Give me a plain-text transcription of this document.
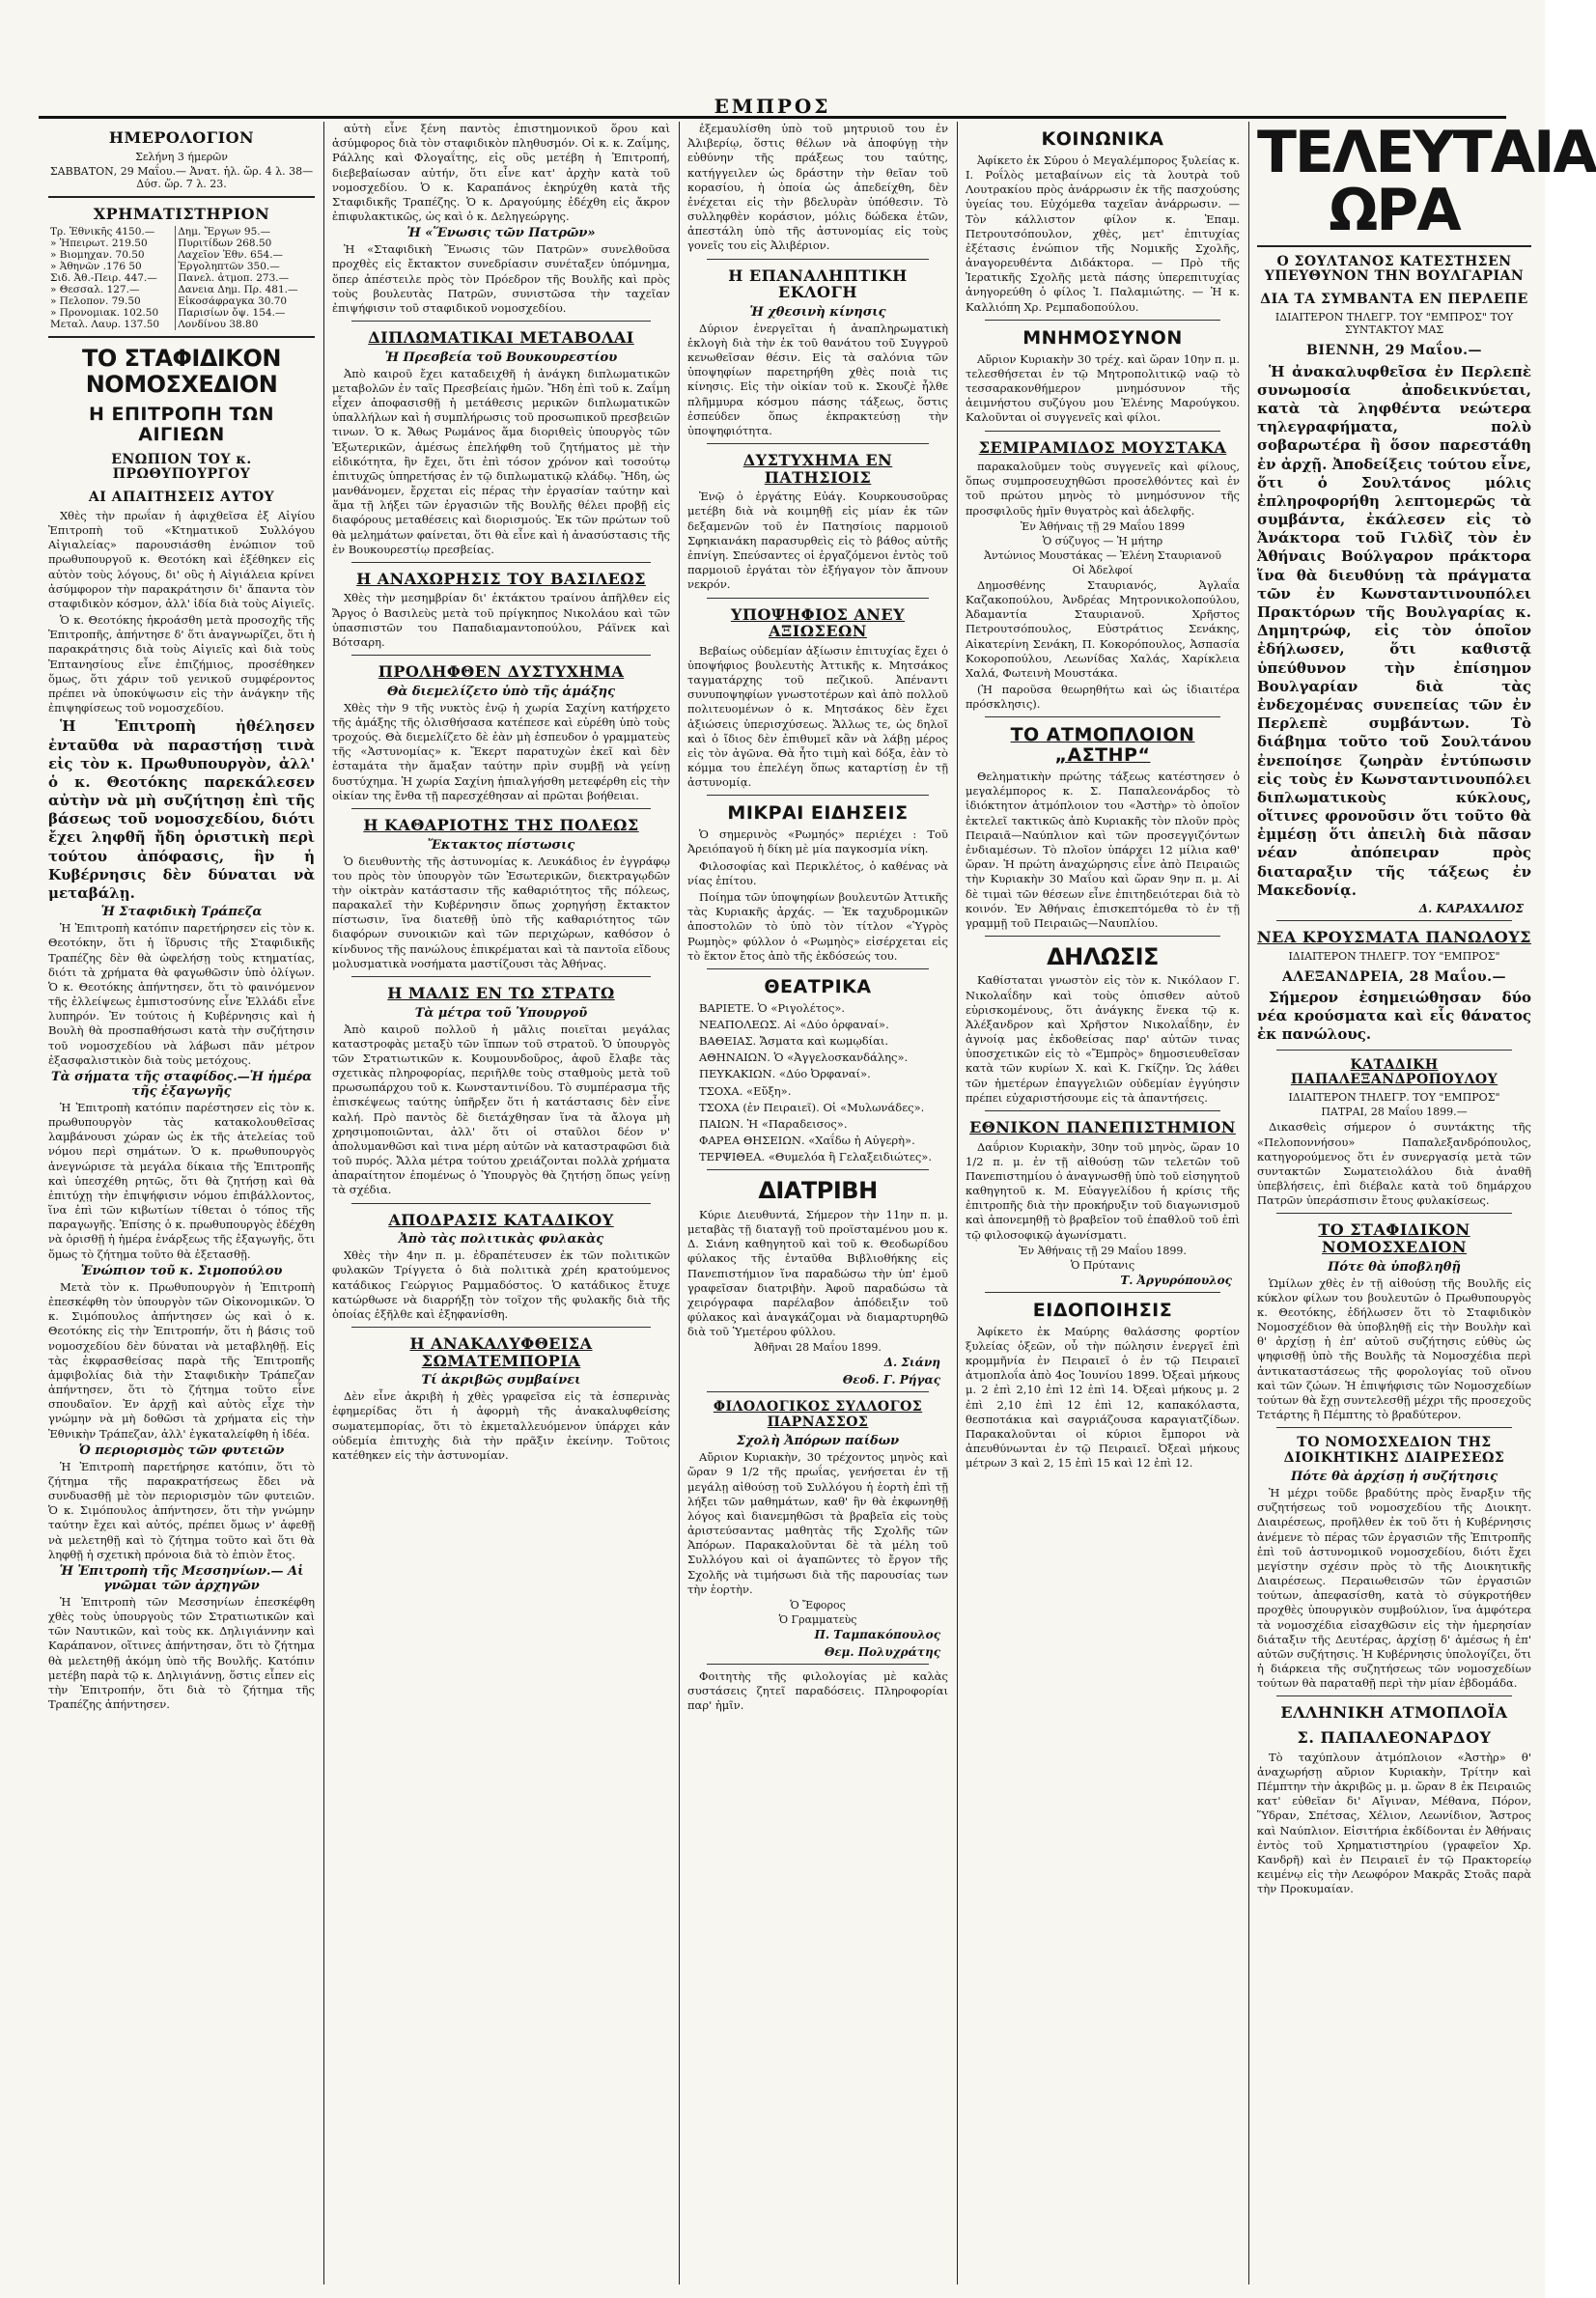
ΕΜΠΡΟΣ
ΗΜΕΡΟΛΟΓΙΟΝ
Σελήνη 3 ήμερῶν
ΣΑΒΒΑΤΟΝ, 29 Μαΐου.— Ἀνατ. ἡλ. ὥρ. 4 λ. 38—Δύσ. ὥρ. 7 λ. 23.
ΧΡΗΜΑΤΙΣΤΗΡΙΟΝ
Τρ. Ἐθνικῆς 4150.—	Δημ. Ἔργων 95.—
» Ἠπειρωτ. 219.50	Πυριτίδων 268.50
» Βιομηχαν. 70.50	Λαχεῖον Ἐθν. 654.—
» Ἀθηνῶν .176 50	Ἐργοληπτῶν 350.—
Σιδ. Ἀθ.-Πειρ. 447.—	Πανελ. ἀτμοπ. 273.—
» Θεσσαλ. 127.—	Δανεια Δημ. Πρ. 481.—
» Πελοπον. 79.50	Εἰκοσάφραγκα 30.70
» Προνομιακ. 102.50	Παρισίων ὄψ. 154.—
Μεταλ. Λαυρ. 137.50	Λονδίνου 38.80
ΤΟ ΣΤΑΦΙΔΙΚΟΝ ΝΟΜΟΣΧΕΔΙΟΝ
Η ΕΠΙΤΡΟΠΗ ΤΩΝ ΑΙΓΙΕΩΝ
ΕΝΩΠΙΟΝ ΤΟΥ κ. ΠΡΩΘΥΠΟΥΡΓΟΥ
ΑΙ ΑΠΑΙΤΗΣΕΙΣ ΑΥΤΟΥ

Χθὲς τὴν πρωΐαν ἡ ἀφιχθεῖσα ἐξ Αἰγίου Ἐπιτροπὴ τοῦ «Κτηματικοῦ Συλλόγου Αἰγιαλείας» παρουσιάσθη ἐνώπιον τοῦ πρωθυπουργοῦ κ. Θεοτόκη καὶ ἐξέθηκεν εἰς αὐτὸν τοὺς λόγους, δι' οὓς ἡ Αἰγιάλεια κρίνει ἀσύμφορον τὴν παρακράτησιν δι' ἅπαντα τὸν σταφιδικὸν κόσμον, ἀλλ' ἰδία διὰ τοὺς Αἰγιεῖς.

Ὁ κ. Θεοτόκης ἠκροάσθη μετὰ προσοχῆς τῆς Ἐπιτροπῆς, ἀπήντησε δ' ὅτι ἀναγνωρίζει, ὅτι ἡ παρακράτησις διὰ τοὺς Αἰγιεῖς καὶ διὰ τοὺς Ἐπτανησίους εἶνε ἐπιζήμιος, προσέθηκεν ὅμως, ὅτι χάριν τοῦ γενικοῦ συμφέροντος πρέπει νὰ ὑποκύψωσιν εἰς τὴν ἀνάγκην τῆς ἐπιψηφίσεως τοῦ νομοσχεδίου.

Ἡ Ἐπιτροπὴ ἠθέλησεν ἐνταῦθα νὰ παραστήσῃ τινὰ εἰς τὸν κ. Πρωθυπουργὸν, ἀλλ' ὁ κ. Θεοτόκης παρεκάλεσεν αὐτὴν νὰ μὴ συζήτησῃ ἐπὶ τῆς βάσεως τοῦ νομοσχεδίου, διότι ἔχει ληφθῆ ἤδη ὁριστικὴ περὶ τούτου ἀπόφασις, ἣν ἡ Κυβέρνησις δὲν δύναται νὰ μεταβάλῃ.

Ἡ Σταφιδικὴ Τράπεζα

Ἡ Ἐπιτροπὴ κατόπιν παρετήρησεν εἰς τὸν κ. Θεοτόκην, ὅτι ἡ ἵδρυσις τῆς Σταφιδικῆς Τραπέζης δὲν θὰ ὠφελήσῃ τοὺς κτηματίας, διότι τὰ χρήματα θὰ φαγωθῶσιν ὑπὸ ὀλίγων. Ὁ κ. Θεοτόκης ἀπήντησεν, ὅτι τὸ φαινόμενον τῆς ἐλλείψεως ἐμπιστοσύνης εἶνε Ἑλλάδι εἶνε λυπηρόν. Ἐν τούτοις ἡ Κυβέρνησις καὶ ἡ Βουλὴ θὰ προσπαθήσωσι κατὰ τὴν συζήτησιν τοῦ νομοσχεδίου νὰ λάβωσι πᾶν μέτρον ἐξασφαλιστικὸν διὰ τοὺς μετόχους.

Τὰ σήματα τῆς σταφίδος.—Ἡ ἡμέρα τῆς ἐξαγωγῆς

Ἡ Ἐπιτροπὴ κατόπιν παρέστησεν εἰς τὸν κ. πρωθυπουργὸν τὰς κατακολουθεῖσας λαμβάνουσι χώραν ὡς ἐκ τῆς ἀτελείας τοῦ νόμου περὶ σημάτων. Ὁ κ. πρωθυπουργὸς ἀνεγνώρισε τὰ μεγάλα δίκαια τῆς Ἐπιτροπῆς καὶ ὑπεσχέθη ρητῶς, ὅτι θὰ ζητήσῃ καὶ θὰ ἐπιτύχῃ τὴν ἐπιψήφισιν νόμου ἐπιβάλλοντος, ἵνα ἐπὶ τῶν κιβωτίων τίθεται ὁ τόπος τῆς παραγωγῆς. Ἐπίσης ὁ κ. πρωθυπουργὸς ἐδέχθη νὰ ὁρισθῇ ἡ ἡμέρα ἐνάρξεως τῆς ἐξαγωγῆς, ὅτι ὅμως τὸ ζήτημα τοῦτο θὰ ἐξετασθῇ.

Ἐνώπιον τοῦ κ. Σιμοπούλου

Μετὰ τὸν κ. Πρωθυπουργὸν ἡ Ἐπιτροπὴ ἐπεσκέφθη τὸν ὑπουργὸν τῶν Οἰκονομικῶν. Ὁ κ. Σιμόπουλος ἀπήντησεν ὡς καὶ ὁ κ. Θεοτόκης εἰς τὴν Ἐπιτροπήν, ὅτι ἡ βάσις τοῦ νομοσχεδίου δὲν δύναται νὰ μεταβληθῇ. Εἰς τὰς ἐκφρασθείσας παρὰ τῆς Ἐπιτροπῆς ἀμφιβολίας διὰ τὴν Σταφιδικὴν Τράπεζαν ἀπήντησεν, ὅτι τὸ ζήτημα τοῦτο εἶνε σπουδαῖον. Ἐν ἀρχῇ καὶ αὐτὸς εἶχε τὴν γνώμην νὰ μὴ δοθῶσι τὰ χρήματα εἰς τὴν Ἐθνικὴν Τράπεζαν, ἀλλ' ἐγκαταλείφθη ἡ ἰδέα.

Ὁ περιορισμὸς τῶν φυτειῶν

Ἡ Ἐπιτροπὴ παρετήρησε κατόπιν, ὅτι τὸ ζήτημα τῆς παρακρατήσεως ἔδει νὰ συνδυασθῇ μὲ τὸν περιορισμὸν τῶν φυτειῶν. Ὁ κ. Σιμόπουλος ἀπήντησεν, ὅτι τὴν γνώμην ταύτην ἔχει καὶ αὐτός, πρέπει ὅμως ν' ἀφεθῇ νὰ μελετηθῇ καὶ τὸ ζήτημα τοῦτο καὶ ὅτι θὰ ληφθῇ ἡ σχετικὴ πρόνοια διὰ τὸ ἐπιὸν ἔτος.

Ἡ Ἐπιτροπὴ τῆς Μεσσηνίων.— Αἱ γνῶμαι τῶν ἀρχηγῶν

Ἡ Ἐπιτροπὴ τῶν Μεσσηνίων ἐπεσκέφθη χθὲς τοὺς ὑπουργοὺς τῶν Στρατιωτικῶν καὶ τῶν Ναυτικῶν, καὶ τοὺς κκ. Δηλιγιάννην καὶ Καράπανον, οἵτινες ἀπήντησαν, ὅτι τὸ ζήτημα θὰ μελετηθῇ ἀκόμη ὑπὸ τῆς Βουλῆς. Κατόπιν μετέβη παρὰ τῷ κ. Δηλιγιάννῃ, ὅστις εἶπεν εἰς τὴν Ἐπιτροπήν, ὅτι διὰ τὸ ζήτημα τῆς Τραπέζης ἀπήντησεν.

αὐτὴ εἶνε ξένη παντὸς ἐπιστημονικοῦ ὅρου καὶ ἀσύμφορος διὰ τὸν σταφιδικὸν πληθυσμόν. Οἱ κ. κ. Ζαΐμης, Ράλλης καὶ Φλογαΐτης, εἰς οὓς μετέβη ἡ Ἐπιτροπή, διεβεβαίωσαν αὐτήν, ὅτι εἶνε κατ' ἀρχὴν κατὰ τοῦ νομοσχεδίου. Ὁ κ. Καραπάνος ἐκηρύχθη κατὰ τῆς Σταφιδικῆς Τραπέζης. Ὁ κ. Δραγούμης ἐδέχθη εἰς ἄκρον ἐπιφυλακτικῶς, ὡς καὶ ὁ κ. Δεληγεώργης.

Ἡ «Ἕνωσις τῶν Πατρῶν»

Ἡ «Σταφιδικὴ Ἕνωσις τῶν Πατρῶν» συνελθοῦσα προχθὲς εἰς ἔκτακτον συνεδρίασιν συνέταξεν ὑπόμνημα, ὅπερ ἀπέστειλε πρὸς τὸν Πρόεδρον τῆς Βουλῆς καὶ πρὸς τοὺς βουλευτὰς Πατρῶν, συνιστῶσα τὴν ταχεῖαν ἐπιψήφισιν τοῦ σταφιδικοῦ νομοσχεδίου.

ΔΙΠΛΩΜΑΤΙΚΑΙ ΜΕΤΑΒΟΛΑΙ
Ἡ Πρεσβεία τοῦ Βουκουρεστίου

Ἀπὸ καιροῦ ἔχει καταδειχθῆ ἡ ἀνάγκη διπλωματικῶν μεταβολῶν ἐν ταῖς Πρεσβείαις ἡμῶν. Ἤδη ἐπὶ τοῦ κ. Ζαΐμη εἶχεν ἀποφασισθῇ ἡ μετάθεσις μερικῶν διπλωματικῶν ὑπαλλήλων καὶ ἡ συμπλήρωσις τοῦ προσωπικοῦ πρεσβειῶν τινων. Ὁ κ. Ἄθως Ρωμάνος ἅμα διοριθεὶς ὑπουργὸς τῶν Ἐξωτερικῶν, ἀμέσως ἐπελήφθη τοῦ ζητήματος μὲ τὴν εἰδικότητα, ἣν ἔχει, ὅτι ἐπὶ τόσον χρόνον καὶ τοσούτῳ ἐπιτυχῶς ὑπηρετήσας ἐν τῷ διπλωματικῷ κλάδῳ. Ἤδη, ὡς μανθάνομεν, ἔρχεται εἰς πέρας τὴν ἐργασίαν ταύτην καὶ ἅμα τῇ λήξει τῶν ἐργασιῶν τῆς Βουλῆς θέλει προβῇ εἰς διαφόρους μεταθέσεις καὶ διορισμούς. Ἐκ τῶν πρώτων τοῦ θὰ μελημάτων φαίνεται, ὅτι θὰ εἶνε καὶ ἡ ἀνασύστασις τῆς ἐν Βουκουρεστίῳ πρεσβείας.

Η ΑΝΑΧΩΡΗΣΙΣ ΤΟΥ ΒΑΣΙΛΕΩΣ

Χθὲς τὴν μεσημβρίαν δι' ἐκτάκτου τραίνου ἀπῆλθεν εἰς Ἄργος ὁ Βασιλεὺς μετὰ τοῦ πρίγκηπος Νικολάου καὶ τῶν ὑπασπιστῶν του Παπαδιαμαντοπούλου, Ράϊνεκ καὶ Βότσαρη.

ΠΡΟΛΗΦΘΕΝ ΔΥΣΤΥΧΗΜΑ
Θὰ διεμελίζετο ὑπὸ τῆς ἁμάξης

Χθὲς τὴν 9 τῆς νυκτὸς ἐνῷ ἡ χωρία Σαχίνη κατήρχετο τῆς ἁμάξης τῆς ὁλισθήσασα κατέπεσε καὶ εὑρέθη ὑπὸ τοὺς τροχούς. Θὰ διεμελίζετο δὲ ἐὰν μὴ ἐσπευδον ὁ γραμματεὺς τῆς «Ἀστυνομίας» κ. Ἔκερτ παρατυχὼν ἐκεῖ καὶ δὲν ἐσταμάτα τὴν ἅμαξαν ταύτην πρὶν συμβῇ νὰ γείνῃ δυστύχημα. Ἡ χωρία Σαχίνη ἠπιαλγήσθη μετεφέρθη εἰς τὴν οἰκίαν της ἔνθα τῇ παρεσχέθησαν αἱ πρῶται βοήθειαι.

Η ΚΑΘΑΡΙΟΤΗΣ ΤΗΣ ΠΟΛΕΩΣ
Ἔκτακτος πίστωσις

Ὁ διευθυντὴς τῆς ἀστυνομίας κ. Λευκάδιος ἐν ἐγγράφῳ του πρὸς τὸν ὑπουργὸν τῶν Ἐσωτερικῶν, διεκτραγῳδῶν τὴν οἰκτρὰν κατάστασιν τῆς καθαριότητος τῆς πόλεως, παρακαλεῖ τὴν Κυβέρνησιν ὅπως χορηγήσῃ ἔκτακτον πίστωσιν, ἵνα διατεθῇ ὑπὸ τῆς καθαριότητος τῶν διαφόρων συνοικιῶν καὶ τῶν περιχώρων, καθόσον ὁ κίνδυνος τῆς πανώλους ἐπικρέμαται καὶ τὰ παντοῖα εἴδους μολυσματικὰ νοσήματα μαστίζουσι τὰς Ἀθήνας.

Η ΜΑΛΙΣ ΕΝ ΤΩ ΣΤΡΑΤΩ
Τὰ μέτρα τοῦ Ὑπουργοῦ

Ἀπὸ καιροῦ πολλοῦ ἡ μᾶλις ποιεῖται μεγάλας καταστροφὰς μεταξὺ τῶν ἵππων τοῦ στρατοῦ. Ὁ ὑπουργὸς τῶν Στρατιωτικῶν κ. Κουμουνδοῦρος, ἀφοῦ ἔλαβε τὰς σχετικὰς πληροφορίας, περιῆλθε τοὺς σταθμοὺς μετὰ τοῦ πρωσωπάρχου τοῦ κ. Κωνσταντινίδου. Τὸ συμπέρασμα τῆς ἐπισκέψεως ταύτης ὑπῆρξεν ὅτι ἡ κατάστασις δὲν εἶνε καλή. Πρὸ παντὸς δὲ διετάχθησαν ἵνα τὰ ἄλογα μὴ χρησιμοποιῶνται, ἀλλ' ὅτι οἱ σταῦλοι δέον ν' ἀπολυμανθῶσι καὶ τινα μέρη αὐτῶν νὰ καταστραφῶσι διὰ τοῦ πυρός. Ἄλλα μέτρα τούτου χρειάζονται πολλὰ χρήματα ἀπαραίτητον ἐπομένως ὁ Ὑπουργὸς θὰ ζητήσῃ ὅπως γείνῃ τὰ σχέδια.

ΑΠΟΔΡΑΣΙΣ ΚΑΤΑΔΙΚΟΥ
Ἀπὸ τὰς πολιτικὰς φυλακὰς

Χθὲς τὴν 4ην π. μ. ἐδραπέτευσεν ἐκ τῶν πολιτικῶν φυλακῶν Τρίγγετα ὁ διὰ πολιτικὰ χρέη κρατούμενος κατάδικος Γεώργιος Ραμμαδόστος. Ὁ κατάδικος ἔτυχε κατώρθωσε νὰ διαρρήξῃ τὸν τοῖχον τῆς φυλακῆς διὰ τῆς ὁποίας ἐξῆλθε καὶ ἐξηφανίσθη.

Η ΑΝΑΚΑΛΥΦΘΕΙΣΑ ΣΩΜΑΤΕΜΠΟΡΙΑ
Τί ἀκριβῶς συμβαίνει

Δὲν εἶνε ἀκριβὴ ἡ χθὲς γραφεῖσα εἰς τὰ ἑσπερινὰς ἐφημερίδας ὅτι ἡ ἀφορμὴ τῆς ἀνακαλυφθείσης σωματεμπορίας, ὅτι τὸ ἐκμεταλλευόμενον ὑπάρχει κἀν οὐδεμία ἐπιτυχὴς διὰ τὴν πρᾶξιν ἐκείνην. Τοῦτοις κατέθηκεν εἰς τὴν ἀστυνομίαν.

ἐξεμαυλίσθη ὑπὸ τοῦ μητρυιοῦ του ἐν Ἀλιβερίῳ, ὅστις θέλων νὰ ἀποφύγῃ τὴν εὐθύνην τῆς πράξεως του ταύτης, κατήγγειλεν ὡς δράστην τὴν θεῖαν τοῦ κορασίου, ἡ ὁποία ὡς ἀπεδείχθη, δὲν ἐνέχεται εἰς τὴν βδελυρὰν ὑπόθεσιν. Τὸ συλληφθὲν κοράσιον, μόλις δώδεκα ἐτῶν, ἀπεστάλη ὑπὸ τῆς ἀστυνομίας εἰς τοὺς γονεῖς του εἰς Ἀλιβέριον.

Η ΕΠΑΝΑΛΗΠΤΙΚΗ ΕΚΛΟΓΗ
Ἡ χθεσινὴ κίνησις

Δύριον ἐνεργεῖται ἡ ἀναπληρωματικὴ ἐκλογὴ διὰ τὴν ἐκ τοῦ θανάτου τοῦ Συγγροῦ κενωθεῖσαν θέσιν. Εἰς τὰ σαλόνια τῶν ὑποψηφίων παρετηρήθη χθὲς ποιὰ τις κίνησις. Εἰς τὴν οἰκίαν τοῦ κ. Σκουζὲ ἦλθε πλῆμμυρα κόσμου πάσης τάξεως, ὅστις ἐσπεύδεν ὅπως ἐκπρακτεύσῃ τὴν ὑποψηφιότητα.

ΔΥΣΤΥΧΗΜΑ ΕΝ ΠΑΤΗΣΙΟΙΣ

Ἐνῷ ὁ ἐργάτης Εὐάγ. Κουρκουσοῦρας μετέβη διὰ νὰ κοιμηθῇ εἰς μίαν ἐκ τῶν δεξαμενῶν τοῦ ἐν Πατησίοις παρμοιοῦ Σφηκιανάκη παρασυρθεὶς εἰς τὸ βάθος αὐτῆς ἐπνίγη. Σπεύσαντες οἱ ἐργαζόμενοι ἐντὸς τοῦ παρμοιοῦ ἐργάται τὸν ἐξήγαγον τὸν ἄπνουν νεκρόν.

ΥΠΟΨΗΦΙΟΣ ΑΝΕΥ ΑΞΙΩΣΕΩΝ

Βεβαίως οὐδεμίαν ἀξίωσιν ἐπιτυχίας ἔχει ὁ ὑποψήφιος βουλευτὴς Ἀττικῆς κ. Μητσάκος ταγματάρχης τοῦ πεζικοῦ. Ἀπέναντι συνυποψηφίων γνωστοτέρων καὶ ἀπὸ πολλοῦ πολιτευομένων ὁ κ. Μητσάκος δὲν ἔχει ἀξιώσεις ὑπερισχύσεως. Ἄλλως τε, ὡς δηλοῖ καὶ ὁ ἴδιος δὲν ἐπιθυμεῖ κἂν νὰ λάβῃ μέρος εἰς τὸν ἀγῶνα. Θὰ ἦτο τιμὴ καὶ δόξα, ἐὰν τὸ κόμμα του ἐπελέγη ὅπως καταρτίσῃ ἐν τῇ ἀστυνομίᾳ.

ΜΙΚΡΑΙ ΕΙΔΗΣΕΙΣ

Ὁ σημερινὸς «Ρωμηός» περιέχει : Τοῦ Ἀρειόπαγοῦ ἡ δίκη μὲ μία παγκοσμία νίκη.

Φιλοσοφίας καὶ Περικλέτος, ὁ καθένας νὰ νίας ἐπίτου.

Ποίημα τῶν ὑποψηφίων βουλευτῶν Ἀττικῆς τὰς Κυριακῆς ἀρχάς. — Ἐκ ταχυδρομικῶν ἀποστολῶν τὸ ὑπὸ τὸν τίτλον «Ὑγρὸς Ρωμηὸς» φύλλον ὁ «Ρωμηὸς» εἰσέρχεται εἰς τὸ ἕκτον ἔτος ἀπὸ τῆς ἐκδόσεώς του.

ΘΕΑΤΡΙΚΑ
ΒΑΡΙΕΤΕ. Ὁ «Ριγολέτος».
ΝΕΑΠΟΛΕΩΣ. Αἱ «Δύο ὀρφαναί».
ΒΑΘΕΙΑΣ. Ἄσματα καὶ κωμῳδίαι.
ΑΘΗΝΑΙΩΝ. Ὁ «Ἀγγελοσκανδάλης».
ΠΕΥΚΑΚΙΩΝ. «Δύο Ὀρφαναί».
ΤΣΟΧΑ. «Εὔξη».
ΤΣΟΧΑ (ἐν Πειραιεῖ). Οἱ «Μυλωνάδες».
ΠΑΙΩΝ. Ἡ «Παραδεισος».
ΦΑΡΕΑ ΘΗΣΕΙΩΝ. «Χαΐδω ἡ Αὐγερὴ».
ΤΕΡΨΙΘΕΑ. «Θυμελόα ἢ Γελαξειδιώτες».
ΔΙΑΤΡΙΒΗ

Κύριε Διευθυντά, Σήμερον τὴν 11ην π. μ. μεταβὰς τῇ διαταγῇ τοῦ προϊσταμένου μου κ. Δ. Σιάνη καθηγητοῦ καὶ τοῦ κ. Θεοδωρίδου φύλακος τῆς ἐνταῦθα Βιβλιοθήκης εἰς Πανεπιστήμιον ἵνα παραδώσω τὴν ὑπ' ἐμοῦ γραφεῖσαν διατριβὴν. Ἀφοῦ παραδώσω τὰ χειρόγραφα παρέλαβον ἀπόδειξιν τοῦ φύλακος καὶ ἀναγκάζομαι νὰ διαμαρτυρηθῶ διὰ τοῦ Ὑμετέρου φύλλου.

Ἀθῆναι 28 Μαΐου 1899.
Δ. Σιάνη
Θεοδ. Γ. Ρήγας
ΦΙΛΟΛΟΓΙΚΟΣ ΣΥΛΛΟΓΟΣ ΠΑΡΝΑΣΣΟΣ
Σχολὴ Ἀπόρων παίδων

Αὔριον Κυριακὴν, 30 τρέχοντος μηνὸς καὶ ὥραν 9 1/2 τῆς πρωΐας, γενήσεται ἐν τῇ μεγάλῃ αἰθούσῃ τοῦ Συλλόγου ἡ ἑορτὴ ἐπὶ τῇ λήξει τῶν μαθημάτων, καθ' ἣν θὰ ἐκφωνηθῇ λόγος καὶ διανεμηθῶσι τὰ βραβεῖα εἰς τοὺς ἀριστεύσαντας μαθητὰς τῆς Σχολῆς τῶν Ἀπόρων. Παρακαλοῦνται δὲ τὰ μέλη τοῦ Συλλόγου καὶ οἱ ἀγαπῶντες τὸ ἔργον τῆς Σχολῆς νὰ τιμήσωσι διὰ τῆς παρουσίας των τὴν ἑορτὴν.

Ὁ Ἔφορος
Ὁ Γραμματεὺς
Π. Ταμπακόπουλος
Θεμ. Πολυχράτης

Φοιτητὴς τῆς φιλολογίας μὲ καλὰς συστάσεις ζητεῖ παραδόσεις. Πληροφορίαι παρ' ἡμῖν.

ΚΟΙΝΩΝΙΚΑ

Ἀφίκετο ἐκ Σύρου ὁ Μεγαλέμπορος ξυλείας κ. Ι. Ροΐλὸς μεταβαίνων εἰς τὰ λουτρὰ τοῦ Λουτρακίου πρὸς ἀνάρρωσιν ἐκ τῆς πασχούσης ὑγείας του. Εὐχόμεθα ταχεῖαν ἀνάρρωσιν. — Τὸν κάλλιστον φίλον κ. Ἐπαμ. Πετρουτσόπουλον, χθὲς, μετ' ἐπιτυχίας ἐξέτασις ἐνώπιον τῆς Νομικῆς Σχολῆς, ἀναγορευθέντα Διδάκτορα. — Πρὸ τῆς Ἱερατικῆς Σχολῆς μετὰ πάσης ὑπερεπιτυχίας ἀνηγορεύθη ὁ φίλος Ἰ. Παλαμιώτης. — Ἡ κ. Καλλιόπη Χρ. Ρεμπαδοπούλου.

ΜΝΗΜΟΣΥΝΟΝ

Αὔριον Κυριακὴν 30 τρέχ. καὶ ὥραν 10ην π. μ. τελεσθήσεται ἐν τῷ Μητροπολιτικῷ ναῷ τὸ τεσσαρακονθήμερον μνημόσυνον τῆς ἀειμνήστου συζύγου μου Ἑλένης Μαρούγκου. Καλοῦνται οἱ συγγενεῖς καὶ φίλοι.

ΣΕΜΙΡΑΜΙΔΟΣ ΜΟΥΣΤΑΚΑ

παρακαλοῦμεν τοὺς συγγενεῖς καὶ φίλους, ὅπως συμπροσευχηθῶσι προσελθόντες καὶ ἐν τοῦ πρώτου μηνὸς τὸ μνημόσυνον τῆς προσφιλοῦς ἡμῖν θυγατρὸς καὶ ἀδελφῆς.

Ἐν Ἀθήναις τῇ 29 Μαΐου 1899
Ὁ σύζυγος — Ἡ μήτηρ
Ἀντώνιος Μουστάκας — Ἑλένη Σταυριανοῦ
Οἱ Ἀδελφοί

Δημοσθένης Σταυριανός, Ἀγλαΐα Καζακοπούλου, Ἀνδρέας Μητρονικολοπούλου, Ἀδαμαντία Σταυριανοῦ. Χρῆστος Πετρουτσόπουλος, Εὐστράτιος Σενάκης, Αἰκατερίνη Σενάκη, Π. Κοκορόπουλος, Ἀσπασία Κοκοροπούλου, Λεωνίδας Χαλάς, Χαρίκλεια Χαλά, Φωτεινὴ Μουστάκα.

(Ἡ παροῦσα θεωρηθήτω καὶ ὡς ἰδιαιτέρα πρόσκλησις).

ΤΟ ΑΤΜΟΠΛΟΙΟΝ „ΑΣΤΗΡ“

Θεληματικὴν πρώτης τάξεως κατέστησεν ὁ μεγαλέμπορος κ. Σ. Παπαλεονάρδος τὸ ἰδιόκτητον ἀτμόπλοιον του «Ἀστὴρ» τὸ ὁποῖον ἐκτελεῖ τακτικῶς ἀπὸ Κυριακῆς τὸν πλοῦν πρὸς Πειραιᾶ—Ναύπλιον καὶ τῶν προσεγγιζόντων ἐνδιαμέσων. Τὸ πλοῖον ὑπάρχει 12 μίλια καθ' ὥραν. Ἡ πρώτη ἀναχώρησις εἶνε ἀπὸ Πειραιῶς τὴν Κυριακὴν 30 Μαΐου καὶ ὥραν 9ην π. μ. Αἱ δὲ τιμαὶ τῶν θέσεων εἶνε ἐπιτηδειότεραι διὰ τὸ κοινόν. Ἐν Ἀθήναις ἐπισκεπτόμεθα τὸ ἐν τῇ γραμμῇ τοῦ Πειραιῶς—Ναυπλίου.

ΔΗΛΩΣΙΣ

Καθίσταται γνωστὸν εἰς τὸν κ. Νικόλαον Γ. Νικολαΐδην καὶ τοὺς ὁπισθεν αὐτοῦ εὑρισκομένους, ὅτι ἀνάγκης ἕνεκα τῷ κ. Ἀλέξανδρον καὶ Χρῆστον Νικολαΐδην, ἐν ἀγνοίᾳ μας ἐκδοθείσας παρ' αὐτῶν τινας ὑποσχετικῶν εἰς τὸ «Ἔμπρὸς» δημοσιευθεῖσαν κατὰ τῶν κυρίων Χ. καὶ Κ. Γκίζην. Ὡς λάθει τῶν ἡμετέρων ἐπαγγελιῶν οὐδεμίαν ἐγγύησιν πρέπει εὐχαριστήσουμε εἰς τὰ ἀπαντήσεις.

ΕΘΝΙΚΟΝ ΠΑΝΕΠΙΣΤΗΜΙΟΝ

Δαΰριον Κυριακὴν, 30ην τοῦ μηνὸς, ὥραν 10 1/2 π. μ. ἐν τῇ αἰθούσῃ τῶν τελετῶν τοῦ Πανεπιστημίου ὁ ἀναγνωσθῇ ὑπὸ τοῦ εἰσηγητοῦ καθηγητοῦ κ. Μ. Εὐαγγελίδου ἡ κρίσις τῆς ἐπιτροπῆς διὰ τὴν προκήρυξιν τοῦ διαγωνισμοῦ καὶ ἀπονεμηθῇ τὸ βραβεῖον τοῦ ἐπαθλοῦ τοῦ ἐπὶ τῷ φιλοσοφικῷ ἀγωνίσματι.

Ἐν Ἀθήναις τῇ 29 Μαΐου 1899.
Ὁ Πρύτανις
Τ. Ἀργυρόπουλος
ΕΙΔΟΠΟΙΗΣΙΣ

Ἀφίκετο ἐκ Μαύρης θαλάσσης φορτίον ξυλείας ὀξεῶν, οὗ τὴν πώλησιν ἐνεργεῖ ἐπὶ κρομμῆνία ἐν Πειραιεῖ ὁ ἐν τῷ Πειραιεῖ ἀτμοπλοΐα ἀπὸ 4ος Ἰουνίου 1899. Ὀξεαὶ μήκους μ. 2 ἐπὶ 2,10 ἐπὶ 12 ἐπὶ 14. Ὀξεαὶ μήκους μ. 2 ἐπὶ 2,10 ἐπὶ 12 ἐπὶ 12, καπακόλαστα, θεσποτάκια καὶ σαγριάζουσα καραγιατζίδων. Παρακαλοῦνται οἱ κύριοι ἔμποροι νὰ ἀπευθύνωνται ἐν τῷ Πειραιεῖ. Ὀξεαὶ μήκους μέτρων 3 καὶ 2, 15 ἐπὶ 15 καὶ 12 ἐπὶ 12.

ΤΕΛΕΥΤΑΙΑ ΩΡΑ
Ο ΣΟΥΛΤΑΝΟΣ ΚΑΤΕΣΤΗΣΕΝ ΥΠΕΥΘΥΝΟΝ ΤΗΝ ΒΟΥΛΓΑΡΙΑΝ
ΔΙΑ ΤΑ ΣΥΜΒΑΝΤΑ ΕΝ ΠΕΡΛΕΠΕ
ΙΔΙΑΙΤΕΡΟΝ ΤΗΛΕΓΡ. ΤΟΥ "ΕΜΠΡΟΣ" ΤΟΥ ΣΥΝΤΑΚΤΟΥ ΜΑΣ
ΒΙΕΝΝΗ, 29 Μαΐου.—

Ἡ ἀνακαλυφθεῖσα ἐν Περλεπὲ συνωμοσία ἀποδεικνύεται, κατὰ τὰ ληφθέντα νεώτερα τηλεγραφήματα, πολὺ σοβαρωτέρα ἢ ὅσον παρεστάθη ἐν ἀρχῇ. Ἀποδείξεις τούτου εἶνε, ὅτι ὁ Σουλτάνος μόλις ἐπληροφορήθη λεπτομερῶς τὰ συμβάντα, ἐκάλεσεν εἰς τὸ Ἀνάκτορα τοῦ Γιλδὶζ τὸν ἐν Ἀθήναις Βούλγαρον πράκτορα ἵνα θὰ διευθύνῃ τὰ πράγματα τῶν ἐν Κωνσταντινουπόλει Πρακτόρων τῆς Βουλγαρίας κ. Δημητρώφ, εἰς τὸν ὁποῖον ἐδήλωσεν, ὅτι καθιστᾷ ὑπεύθυνον τὴν ἐπίσημον Βουλγαρίαν διὰ τὰς ἐνδεχομένας συνεπείας τῶν ἐν Περλεπὲ συμβάντων. Τὸ διάβημα τοῦτο τοῦ Σουλτάνου ἐνεποίησε ζωηρὰν ἐντύπωσιν εἰς τοὺς ἐν Κωνσταντινουπόλει διπλωματικοὺς κύκλους, οἵτινες φρονοῦσιν ὅτι τοῦτο θὰ ἐμμέσῃ ὅτι ἀπειλὴ διὰ πᾶσαν νέαν ἀπόπειραν πρὸς διαταραξιν τῆς τάξεως ἐν Μακεδονίᾳ.

Δ. ΚΑΡΑΧΑΛΙΟΣ
ΝΕΑ ΚΡΟΥΣΜΑΤΑ ΠΑΝΩΛΟΥΣ
ΙΔΙΑΙΤΕΡΟΝ ΤΗΛΕΓΡ. ΤΟΥ "ΕΜΠΡΟΣ"
ΑΛΕΞΑΝΔΡΕΙΑ, 28 Μαΐου.—

Σήμερον ἐσημειώθησαν δύο νέα κρούσματα καὶ εἷς θάνατος ἐκ πανώλους.

ΚΑΤΑΔΙΚΗ ΠΑΠΑΛΕΞΑΝΔΡΟΠΟΥΛΟΥ
ΙΔΙΑΙΤΕΡΟΝ ΤΗΛΕΓΡ. ΤΟΥ "ΕΜΠΡΟΣ"
ΠΑΤΡΑΙ, 28 Μαΐου 1899.—

Δικασθεὶς σήμερον ὁ συντάκτης τῆς «Πελοποννήσου» Παπαλεξανδρόπουλος, κατηγορούμενος ὅτι ἐν συνεργασίᾳ μετὰ τῶν συντακτῶν Σωματειολάλου διὰ ἀναθῆ ὑπεβλήσεις, ἐπὶ διέβαλε κατὰ τοῦ δημάρχου Πατρῶν ὑπεράσπισιν ἔτους φυλακίσεως.

ΤΟ ΣΤΑΦΙΔΙΚΟΝ ΝΟΜΟΣΧΕΔΙΟΝ
Πότε θὰ ὑποβληθῇ

Ὡμίλων χθὲς ἐν τῇ αἰθούσῃ τῆς Βουλῆς εἰς κύκλον φίλων του βουλευτῶν ὁ Πρωθυπουργὸς κ. Θεοτόκης, ἐδήλωσεν ὅτι τὸ Σταφιδικὸν Νομοσχέδιον θὰ ὑποβληθῇ εἰς τὴν Βουλὴν καὶ θ' ἀρχίσῃ ἡ ἐπ' αὐτοῦ συζήτησις εὐθὺς ὡς ψηφισθῇ ὑπὸ τῆς Βουλῆς τὰ Νομοσχέδια περὶ ἀντικαταστάσεως τῆς φορολογίας τοῦ οἴνου καὶ τῶν ζώων. Ἡ ἐπιψήφισις τῶν Νομοσχεδίων τούτων θὰ ἔχῃ συντελεσθῇ μέχρι τῆς προσεχοῦς Τετάρτης ἢ Πέμπτης τὸ βραδύτερον.

ΤΟ ΝΟΜΟΣΧΕΔΙΟΝ ΤΗΣ ΔΙΟΙΚΗΤΙΚΗΣ ΔΙΑΙΡΕΣΕΩΣ
Πότε θὰ ἀρχίσῃ ἡ συζήτησις

Ἡ μέχρι τοῦδε βραδύτης πρὸς ἔναρξιν τῆς συζητήσεως τοῦ νομοσχεδίου τῆς Διοικητ. Διαιρέσεως, προῆλθεν ἐκ τοῦ ὅτι ἡ Κυβέρνησις ἀνέμενε τὸ πέρας τῶν ἐργασιῶν τῆς Ἐπιτροπῆς ἐπὶ τοῦ ἀστυνομικοῦ νομοσχεδίου, διότι ἔχει μεγίστην σχέσιν πρὸς τὸ τῆς Διοικητικῆς Διαιρέσεως. Περαιωθεισῶν τῶν ἐργασιῶν τούτων, ἀπεφασίσθη, κατὰ τὸ σύγκροτήθεν προχθὲς ὑπουργικὸν συμβούλιον, ἵνα ἀμφότερα τὰ νομοσχέδια εἰσαχθῶσιν εἰς τὴν ἡμερησίαν διάταξιν τῆς Δευτέρας, ἀρχίσῃ δ' ἀμέσως ἡ ἐπ' αὐτῶν συζήτησις. Ἡ Κυβέρνησις ὑπολογίζει, ὅτι ἡ διάρκεια τῆς συζητήσεως τῶν νομοσχεδίων τούτων θὰ παραταθῇ περὶ τὴν μίαν ἑβδομάδα.

ΕΛΛΗΝΙΚΗ ΑΤΜΟΠΛΟΪΑ
Σ. ΠΑΠΑΛΕΟΝΑΡΔΟΥ

Τὸ ταχύπλουν ἀτμόπλοιον «Ἀστὴρ» θ' ἀναχωρήσῃ αὔριον Κυριακὴν, Τρίτην καὶ Πέμπτην τὴν ἀκριβῶς μ. μ. ὥραν 8 ἐκ Πειραιῶς κατ' εὐθεῖαν δι' Αἴγιναν, Μέθανα, Πόρον, Ὕδραν, Σπέτσας, Χέλιον, Λεωνίδιον, Ἄστρος καὶ Ναύπλιον. Εἰσιτήρια ἐκδίδονται ἐν Ἀθήναις ἐντὸς τοῦ Χρηματιστηρίου (γραφεῖον Χρ. Κανδρῆ) καὶ ἐν Πειραιεῖ ἐν τῷ Πρακτορείῳ κειμένῳ εἰς τὴν Λεωφόρον Μακρᾶς Στοᾶς παρὰ τὴν Προκυμαίαν.
